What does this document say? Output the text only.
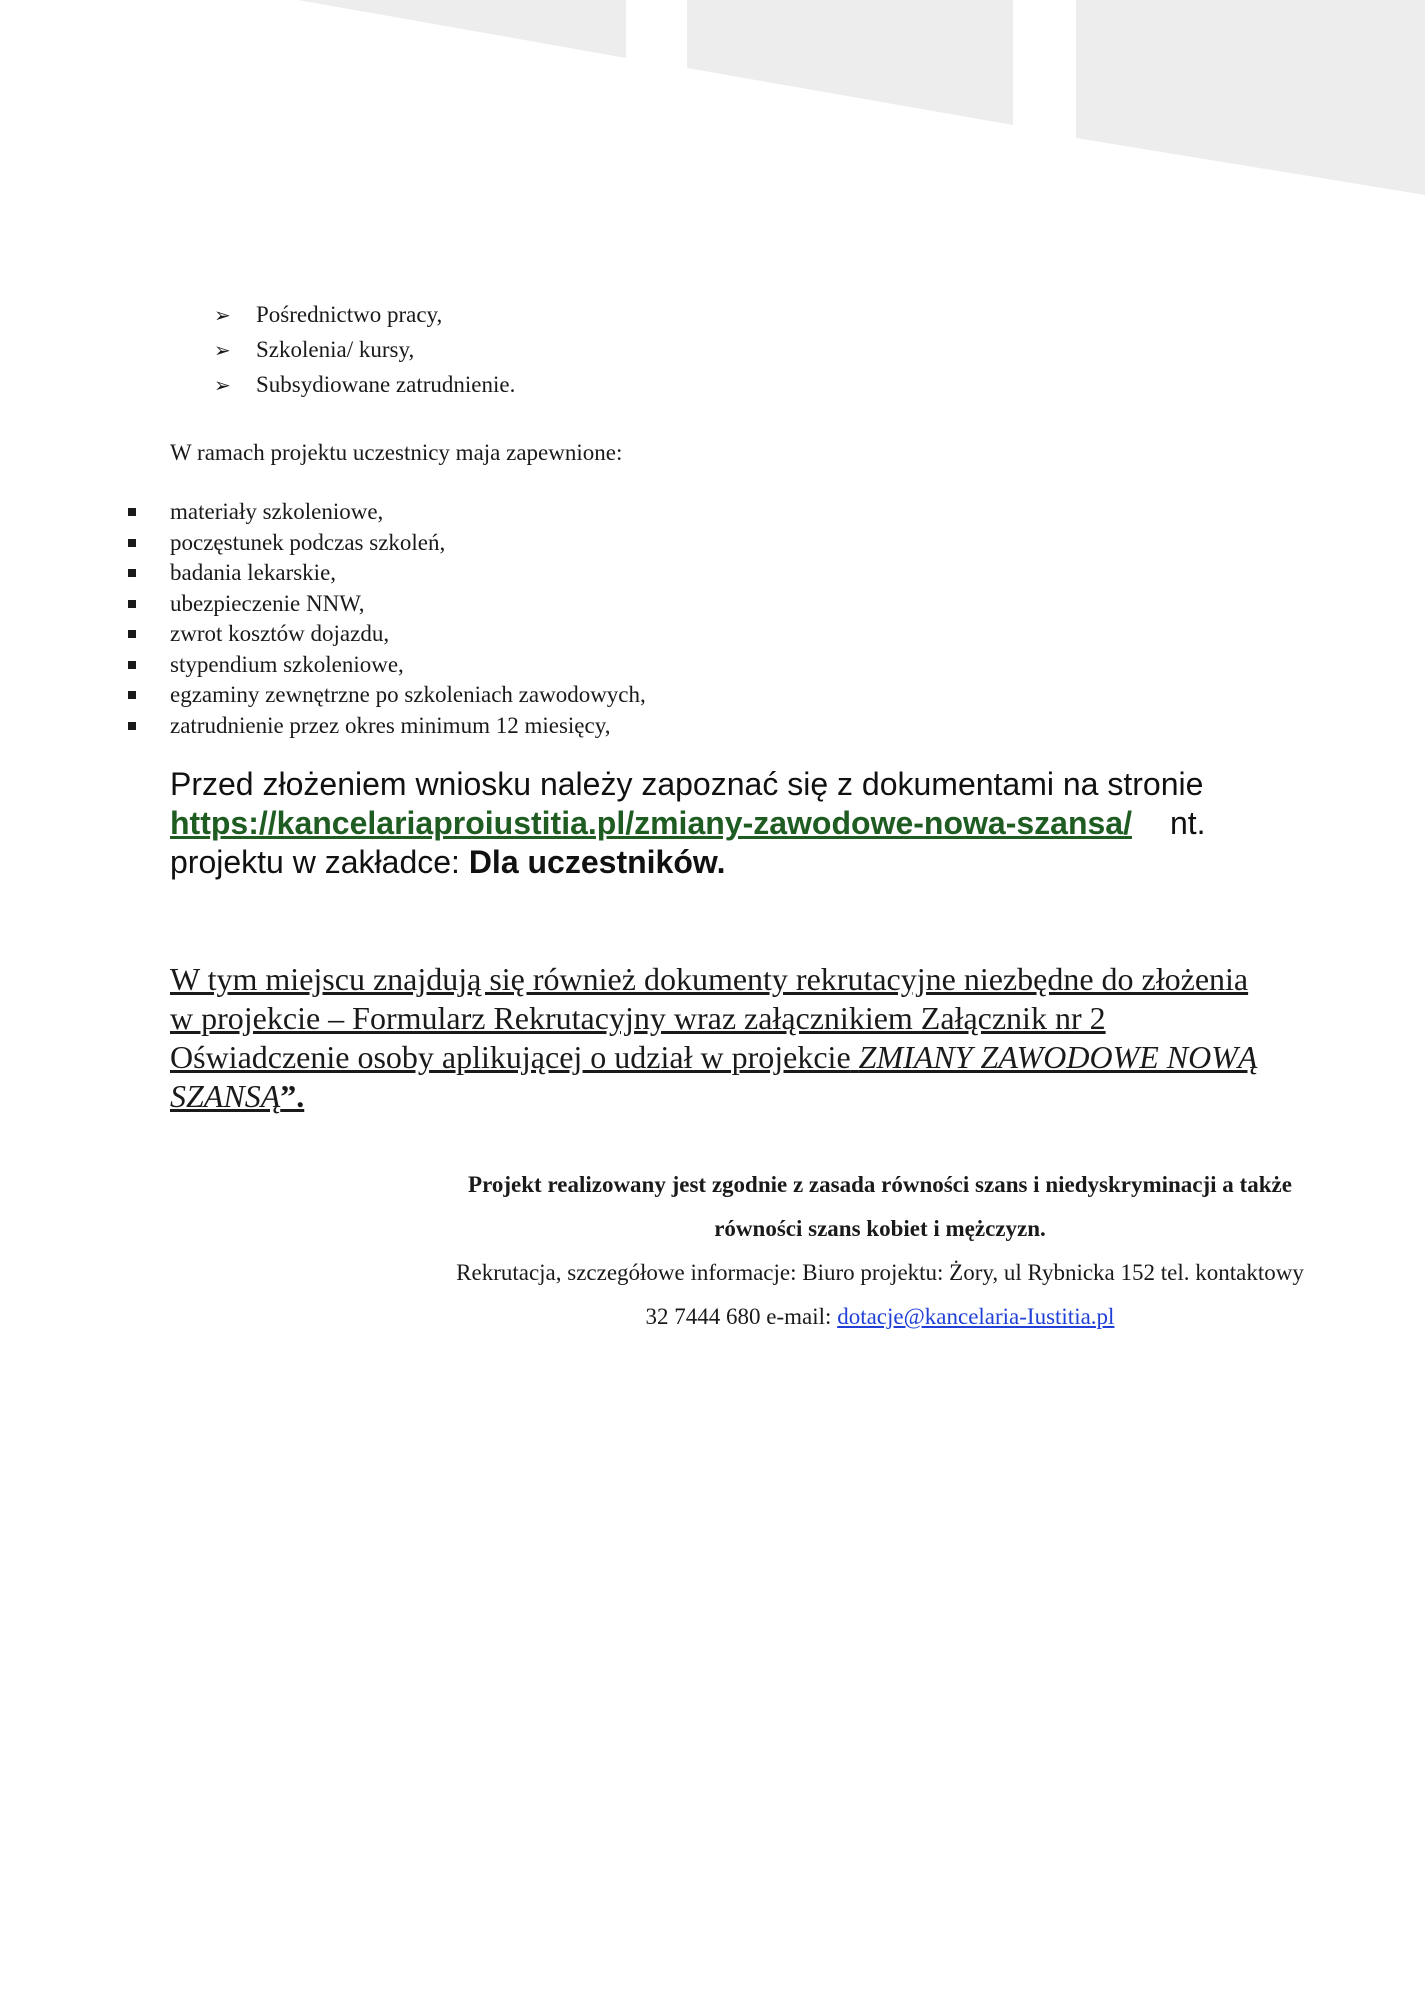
➢	Pośrednictwo pracy,
➢	Szkolenia/ kursy,
➢	Subsydiowane zatrudnienie.

W ramach projektu uczestnicy maja zapewnione:

materiały szkoleniowe,
poczęstunek podczas szkoleń,
badania lekarskie,
ubezpieczenie NNW,
zwrot kosztów dojazdu,
stypendium szkoleniowe,
egzaminy zewnętrzne po szkoleniach zawodowych,
zatrudnienie przez okres minimum 12 miesięcy,

Przed złożeniem wniosku należy zapoznać się z dokumentami na stronie
https://kancelariaproiustitia.pl/zmiany-zawodowe-nowa-szansa/ nt.
projektu w zakładce: Dla uczestników.

W tym miejscu znajdują się również dokumenty rekrutacyjne niezbędne do złożenia w projekcie – Formularz Rekrutacyjny wraz załącznikiem Załącznik nr 2 Oświadczenie osoby aplikującej o udział w projekcie ZMIANY ZAWODOWE NOWĄ SZANSĄ”.

Projekt realizowany jest zgodnie z zasada równości szans i niedyskryminacji a także

równości szans kobiet i mężczyzn.

Rekrutacja, szczegółowe informacje: Biuro projektu: Żory, ul Rybnicka 152 tel. kontaktowy

32 7444 680 e-mail: dotacje@kancelaria-Iustitia.pl
